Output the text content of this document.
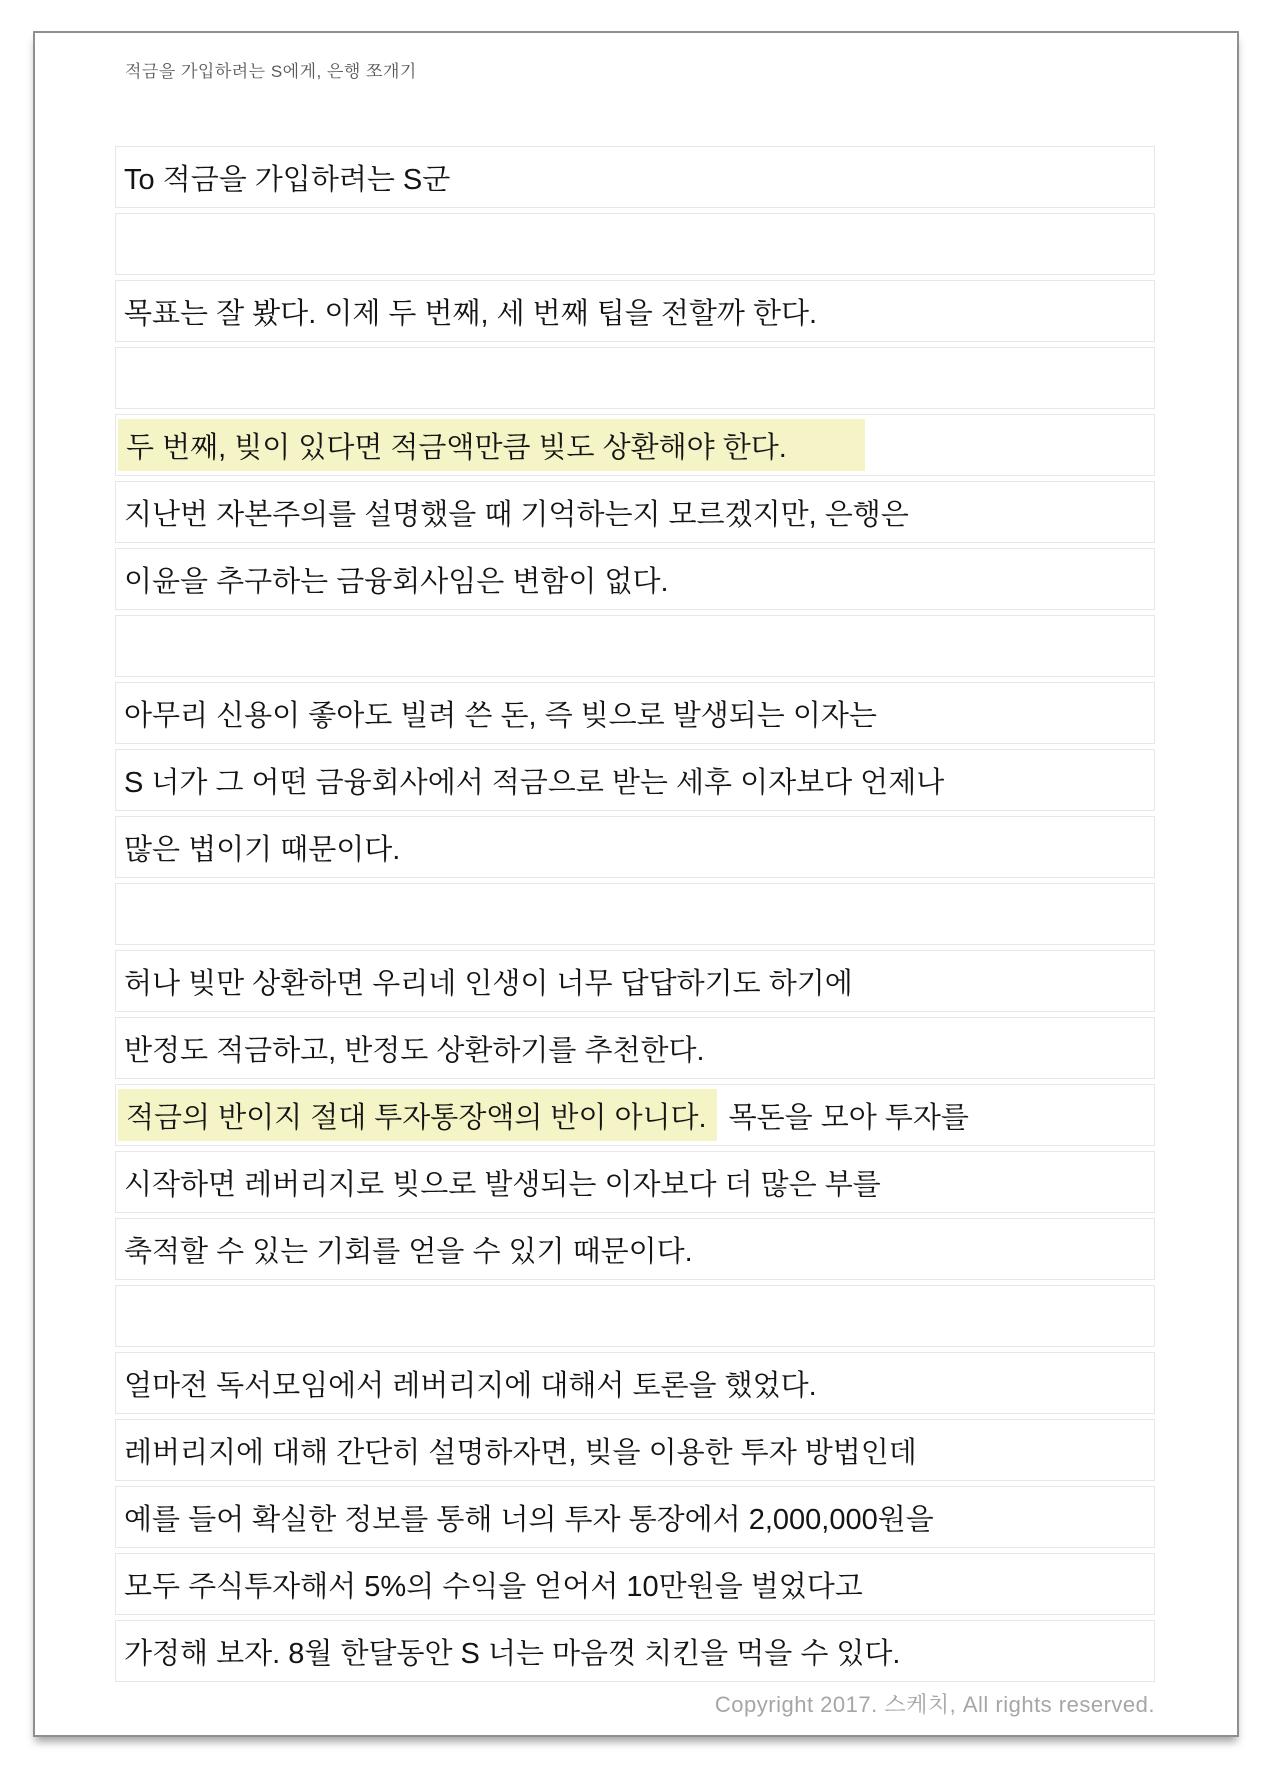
적금을 가입하려는 S에게, 은행 쪼개기
To 적금을 가입하려는 S군
목표는 잘 봤다. 이제 두 번째, 세 번째 팁을 전할까 한다.
두 번째, 빚이 있다면 적금액만큼 빚도 상환해야 한다.
지난번 자본주의를 설명했을 때 기억하는지 모르겠지만, 은행은
이윤을 추구하는 금융회사임은 변함이 없다.
아무리 신용이 좋아도 빌려 쓴 돈, 즉 빚으로 발생되는 이자는
S 너가 그 어떤 금융회사에서 적금으로 받는 세후 이자보다 언제나
많은 법이기 때문이다.
허나 빚만 상환하면 우리네 인생이 너무 답답하기도 하기에
반정도 적금하고, 반정도 상환하기를 추천한다.
적금의 반이지 절대 투자통장액의 반이 아니다. 목돈을 모아 투자를
시작하면 레버리지로 빚으로 발생되는 이자보다 더 많은 부를
축적할 수 있는 기회를 얻을 수 있기 때문이다.
얼마전 독서모임에서 레버리지에 대해서 토론을 했었다.
레버리지에 대해 간단히 설명하자면, 빚을 이용한 투자 방법인데
예를 들어 확실한 정보를 통해 너의 투자 통장에서 2,000,000원을
모두 주식투자해서 5%의 수익을 얻어서 10만원을 벌었다고
가정해 보자. 8월 한달동안 S 너는 마음껏 치킨을 먹을 수 있다.
Copyright 2017. 스케치, All rights reserved.
